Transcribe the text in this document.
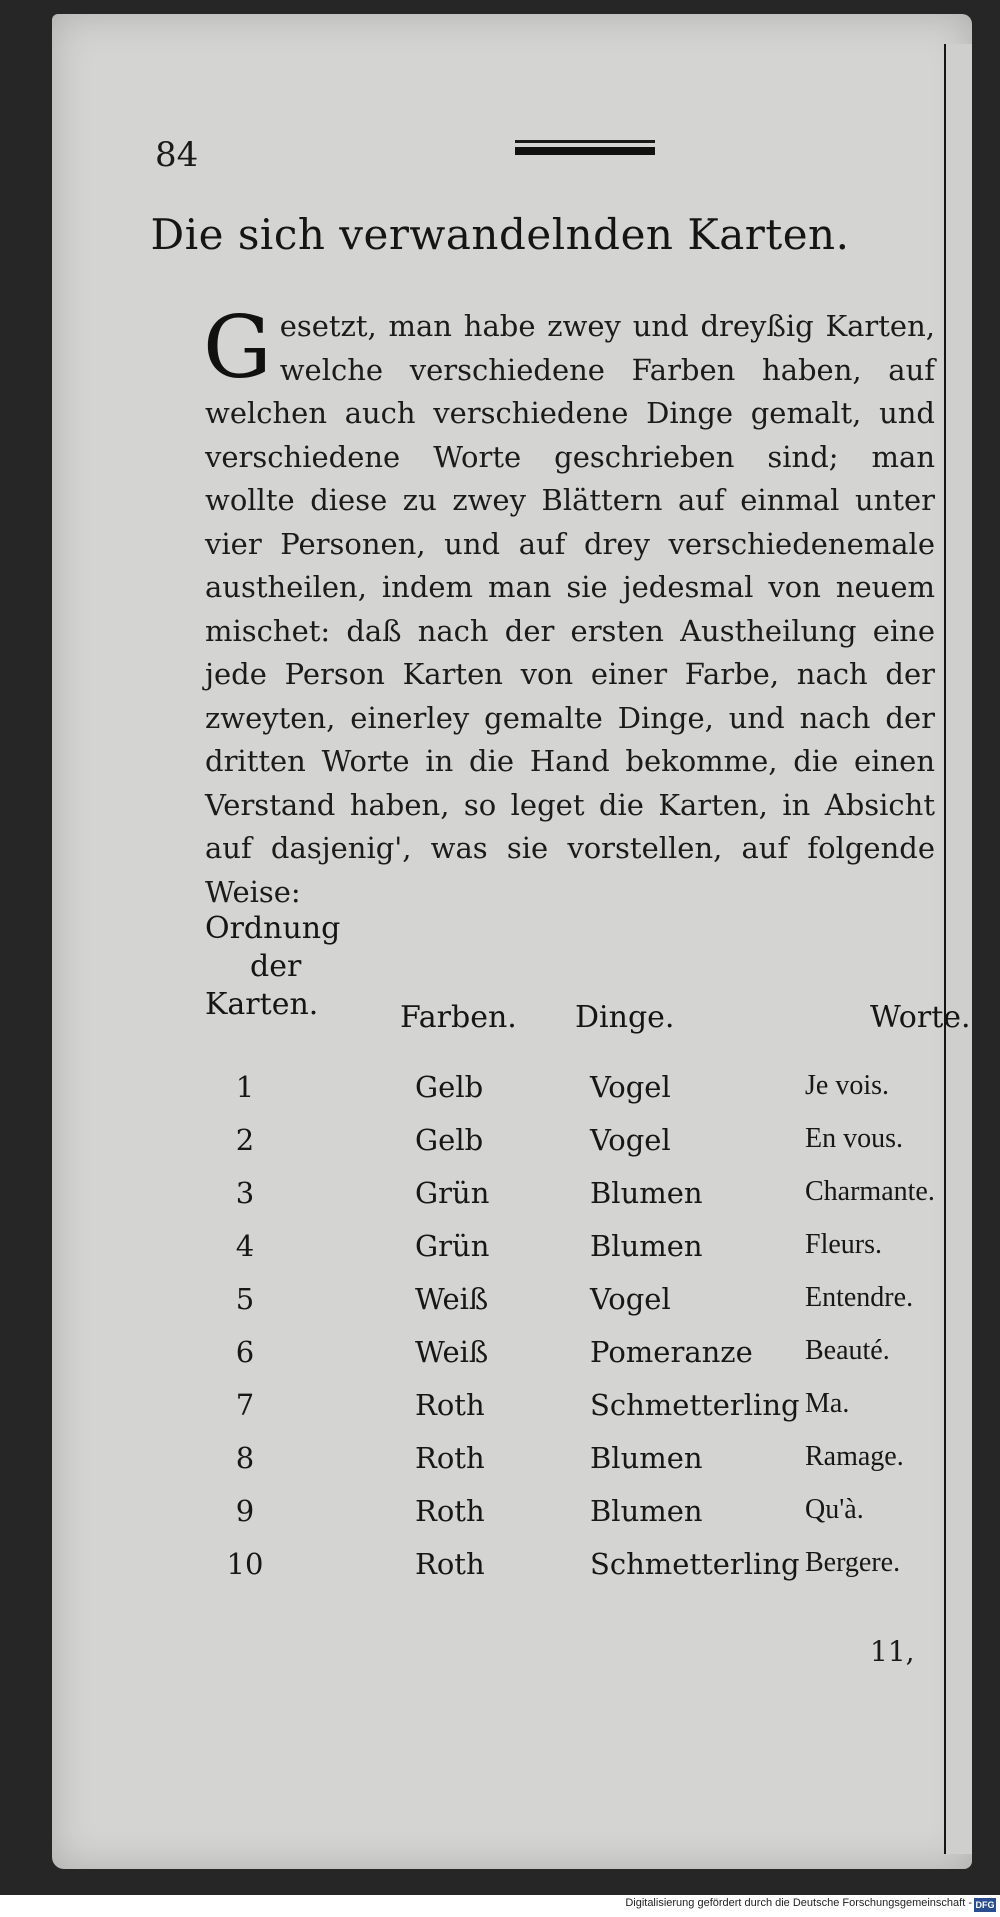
84
Die sich verwandelnden Karten.
Gesetzt, man habe zwey und dreyßig Karten, welche verschiedene Farben haben, auf welchen auch verschiedene Dinge gemalt, und verschiedene Worte geschrieben sind; man wollte diese zu zwey Blättern auf einmal unter vier Personen, und auf drey verschiedenemale austheilen, indem man sie jedesmal von neuem mischet: daß nach der ersten Austheilung eine jede Person Karten von einer Farbe, nach der zweyten, einerley gemalte Dinge, und nach der dritten Worte in die Hand bekomme, die einen Verstand haben, so leget die Karten, in Absicht auf dasjenig', was sie vorstellen, auf folgende Weise:
Ordnung
der
Karten.	Farben. Dinge.	Worte.
1	Gelb	Vogel	Je vois.
2	Gelb	Vogel	En vous.
3	Grün	Blumen	Charmante.
4	Grün	Blumen	Fleurs.
5	Weiß	Vogel	Entendre.
6	Weiß	Pomeranze Beauté.
7	Roth	Schmetterling Ma.
8	Roth	Blumen	Ramage.
9	Roth	Blumen	Qu'à.
10	Roth	Schmetterling Bergere.
11,
Digitalisierung gefördert durch die Deutsche Forschungsgemeinschaft - DFG
